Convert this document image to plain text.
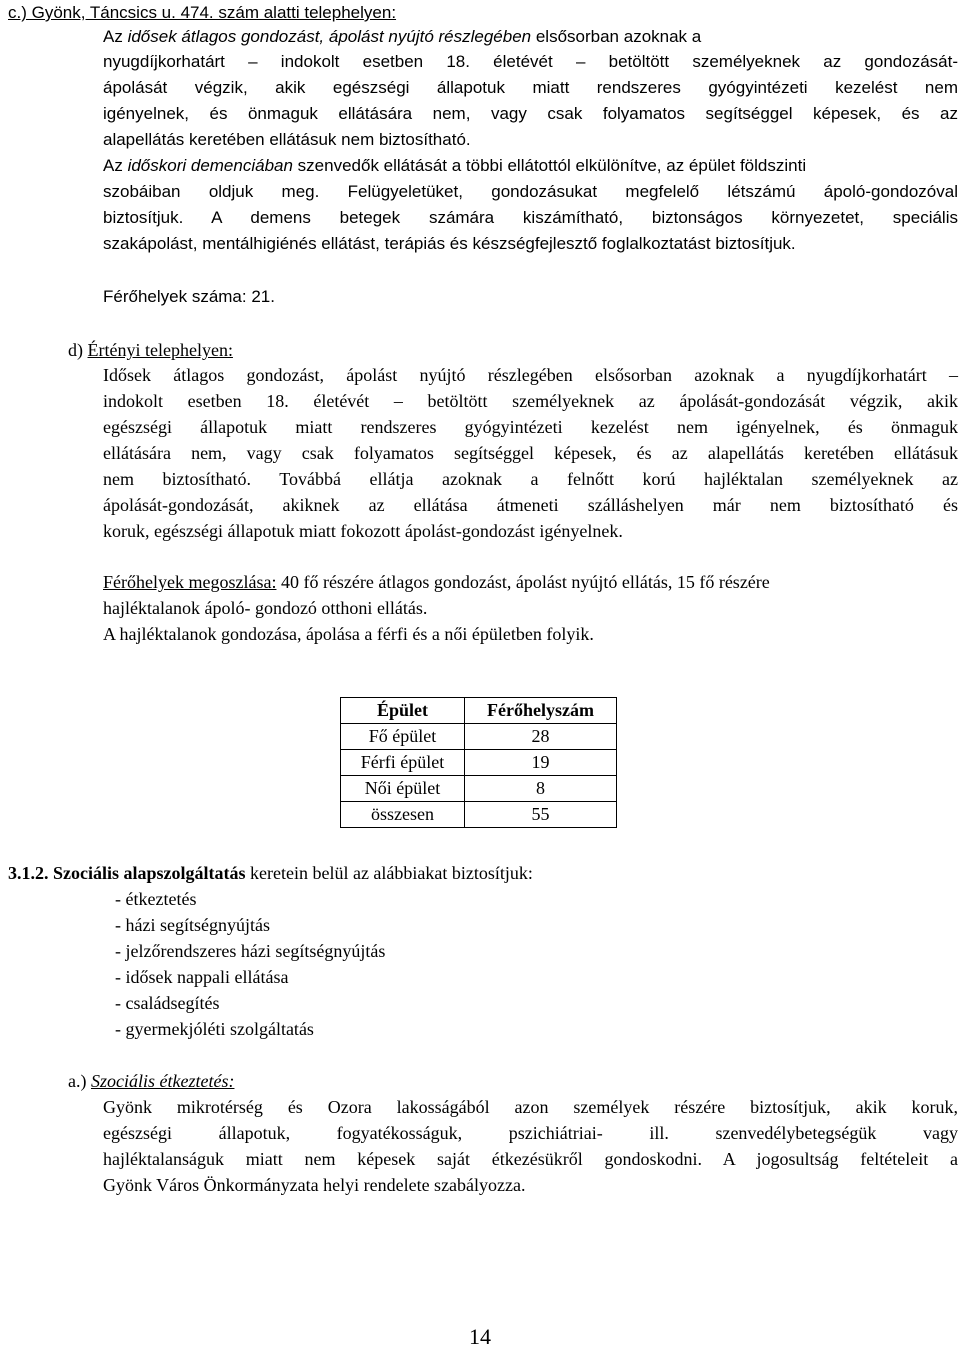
c.) Gyönk, Táncsics u. 474. szám alatti telephelyen:
Az idősek átlagos gondozást, ápolást nyújtó részlegében elsősorban azoknak a
nyugdíjkorhatárt – indokolt esetben 18. életévét – betöltött személyeknek az gondozását-
ápolását végzik, akik egészségi állapotuk miatt rendszeres gyógyintézeti kezelést nem
igényelnek, és önmaguk ellátására nem, vagy csak folyamatos segítséggel képesek, és az
alapellátás keretében ellátásuk nem biztosítható.
Az időskori demenciában szenvedők ellátását a többi ellátottól elkülönítve, az épület földszinti
szobáiban oldjuk meg. Felügyeletüket, gondozásukat megfelelő létszámú ápoló-gondozóval
biztosítjuk. A demens betegek számára kiszámítható, biztonságos környezetet, speciális
szakápolást, mentálhigiénés ellátást, terápiás és készségfejlesztő foglalkoztatást biztosítjuk.
Férőhelyek száma: 21.
d) Értényi telephelyen:
Idősek átlagos gondozást, ápolást nyújtó részlegében elsősorban azoknak a nyugdíjkorhatárt –
indokolt esetben 18. életévét – betöltött személyeknek az ápolását-gondozását végzik, akik
egészségi állapotuk miatt rendszeres gyógyintézeti kezelést nem igényelnek, és önmaguk
ellátására nem, vagy csak folyamatos segítséggel képesek, és az alapellátás keretében ellátásuk
nem biztosítható. Továbbá ellátja azoknak a felnőtt korú hajléktalan személyeknek az
ápolását-gondozását, akiknek az ellátása átmeneti szálláshelyen már nem biztosítható és
koruk, egészségi állapotuk miatt fokozott ápolást-gondozást igényelnek.
Férőhelyek megoszlása: 40 fő részére átlagos gondozást, ápolást nyújtó ellátás, 15 fő részére
hajléktalanok ápoló- gondozó otthoni ellátás.
A hajléktalanok gondozása, ápolása a férfi és a női épületben folyik.
Épület	Férőhelyszám
Fő épület	28
Férfi épület	19
Női épület	8
összesen	55
3.1.2. Szociális alapszolgáltatás keretein belül az alábbiakat biztosítjuk:
- étkeztetés
- házi segítségnyújtás
- jelzőrendszeres házi segítségnyújtás
- idősek nappali ellátása
- családsegítés
- gyermekjóléti szolgáltatás
a.) Szociális étkeztetés:
Gyönk mikrotérség és Ozora lakosságából azon személyek részére biztosítjuk, akik koruk,
egészségi állapotuk, fogyatékosságuk, pszichiátriai- ill. szenvedélybetegségük vagy
hajléktalanságuk miatt nem képesek saját étkezésükről gondoskodni. A jogosultság feltételeit a
Gyönk Város Önkormányzata helyi rendelete szabályozza.
14
